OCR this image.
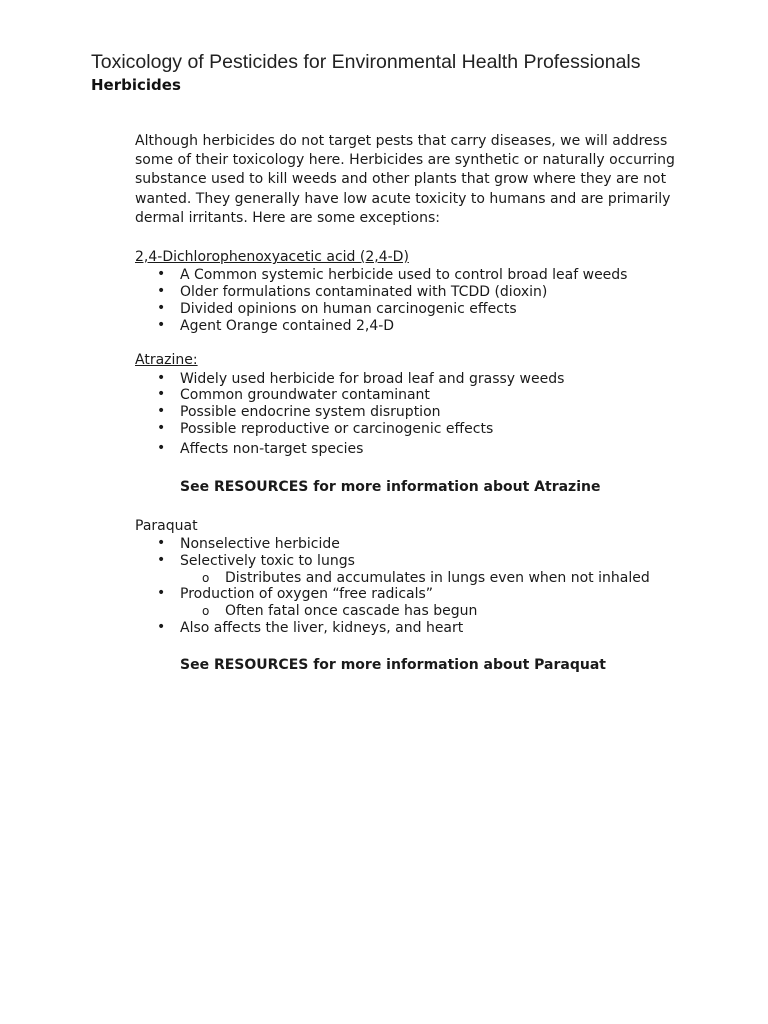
Toxicology of Pesticides for Environmental Health Professionals
Herbicides

Although herbicides do not target pests that carry diseases, we will address
some of their toxicology here. Herbicides are synthetic or naturally occurring
substance used to kill weeds and other plants that grow where they are not
wanted. They generally have low acute toxicity to humans and are primarily
dermal irritants. Here are some exceptions:

2,4-Dichlorophenoxyacetic acid (2,4-D)

• A Common systemic herbicide used to control broad leaf weeds
• Older formulations contaminated with TCDD (dioxin)
• Divided opinions on human carcinogenic effects
• Agent Orange contained 2,4-D

Atrazine:

• Widely used herbicide for broad leaf and grassy weeds
• Common groundwater contaminant
• Possible endocrine system disruption
• Possible reproductive or carcinogenic effects
• Affects non-target species

See RESOURCES for more information about Atrazine

Paraquat

• Nonselective herbicide
• Selectively toxic to lungs
o Distributes and accumulates in lungs even when not inhaled
• Production of oxygen “free radicals”
o Often fatal once cascade has begun
• Also affects the liver, kidneys, and heart

See RESOURCES for more information about Paraquat
